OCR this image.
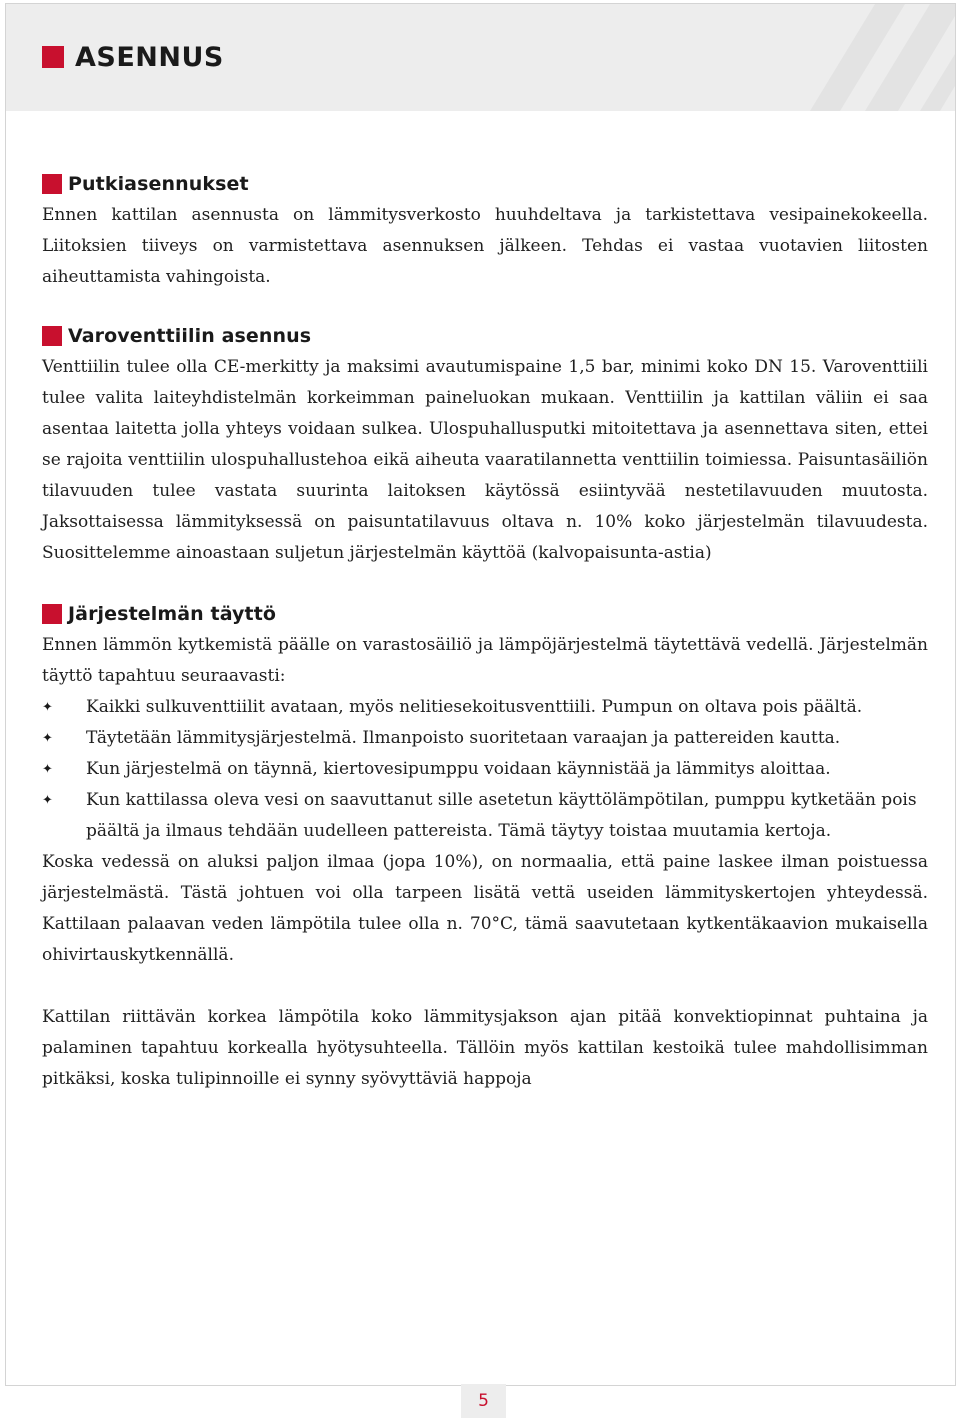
ASENNUS
Putkiasennukset

Ennen kattilan asennusta on lämmitysverkosto huuhdeltava ja tarkistettava vesipainekokeella. Liitoksien tiiveys on varmistettava asennuksen jälkeen. Tehdas ei vastaa vuotavien liitosten aiheuttamista vahingoista.

Varoventtiilin asennus

Venttiilin tulee olla CE-merkitty ja maksimi avautumispaine 1,5 bar, minimi koko DN 15. Varoventtiili tulee valita laiteyhdistelmän korkeimman paineluokan mukaan. Venttiilin ja kattilan väliin ei saa asentaa laitetta jolla yhteys voidaan sulkea. Ulospuhallusputki mitoitettava ja asennettava siten, ettei se rajoita venttiilin ulospuhallustehoa eikä aiheuta vaaratilannetta venttiilin toimiessa. Paisuntasäiliön tilavuuden tulee vastata suurinta laitoksen käytössä esiintyvää nestetilavuuden muutosta. Jaksottaisessa lämmityksessä on paisuntatilavuus oltava n. 10% koko järjestelmän tilavuudesta. Suosittelemme ainoastaan suljetun järjestelmän käyttöä (kalvopaisunta-astia)

Järjestelmän täyttö

Ennen lämmön kytkemistä päälle on varastosäiliö ja lämpöjärjestelmä täytettävä vedellä. Järjestelmän täyttö tapahtuu seuraavasti:

✦ Kaikki sulkuventtiilit avataan, myös nelitiesekoitusventtiili. Pumpun on oltava pois päältä.
✦ Täytetään lämmitysjärjestelmä. Ilmanpoisto suoritetaan varaajan ja pattereiden kautta.
✦ Kun järjestelmä on täynnä, kiertovesipumppu voidaan käynnistää ja lämmitys aloittaa.
✦ Kun kattilassa oleva vesi on saavuttanut sille asetetun käyttölämpötilan, pumppu kytketään pois päältä ja ilmaus tehdään uudelleen pattereista. Tämä täytyy toistaa muutamia kertoja.

Koska vedessä on aluksi paljon ilmaa (jopa 10%), on normaalia, että paine laskee ilman poistuessa järjestelmästä. Tästä johtuen voi olla tarpeen lisätä vettä useiden lämmityskertojen yhteydessä. Kattilaan palaavan veden lämpötila tulee olla n. 70°C, tämä saavutetaan kytkentäkaavion mukaisella ohivirtauskytkennällä.

Kattilan riittävän korkea lämpötila koko lämmitysjakson ajan pitää konvektiopinnat puhtaina ja palaminen tapahtuu korkealla hyötysuhteella. Tällöin myös kattilan kestoikä tulee mahdollisimman pitkäksi, koska tulipinnoille ei synny syövyttäviä happoja

5
